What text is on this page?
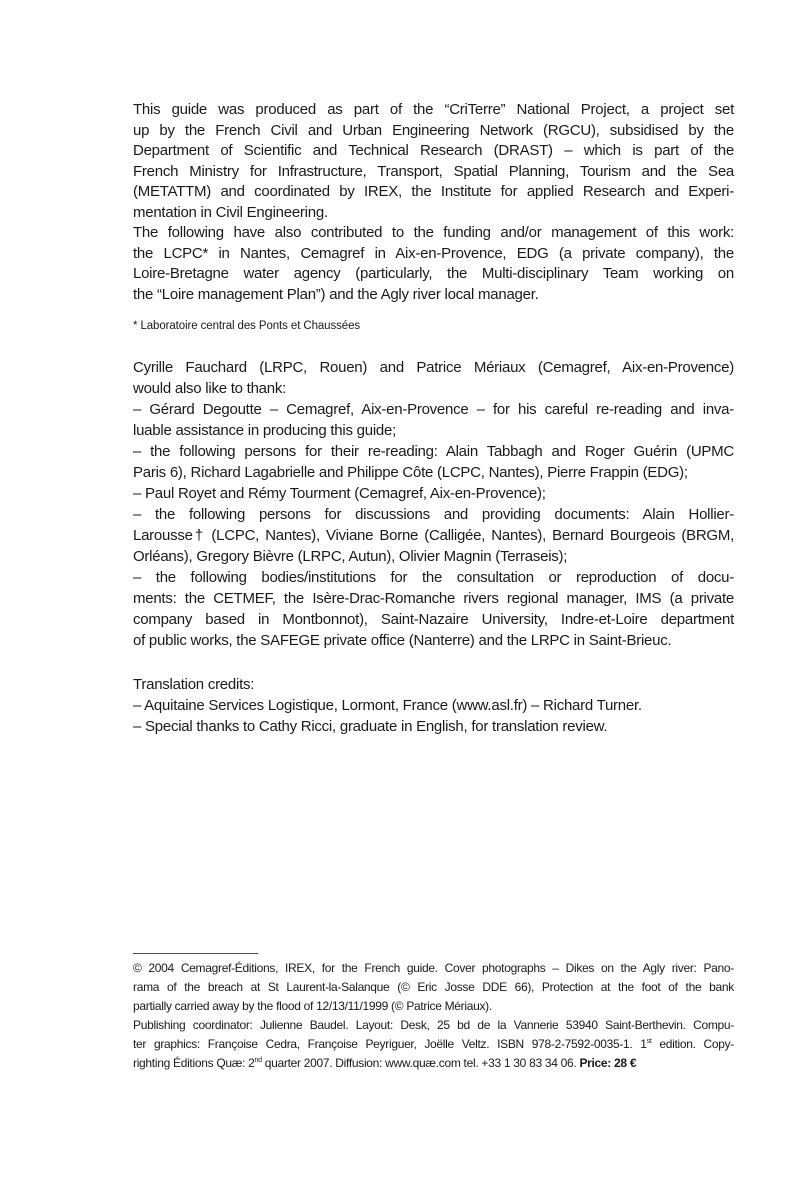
This guide was produced as part of the “CriTerre” National Project, a project set
up by the French Civil and Urban Engineering Network (RGCU), subsidised by the
Department of Scientific and Technical Research (DRAST) – which is part of the
French Ministry for Infrastructure, Transport, Spatial Planning, Tourism and the Sea
(METATTM) and coordinated by IREX, the Institute for applied Research and Experi-
mentation in Civil Engineering.
The following have also contributed to the funding and/or management of this work:
the LCPC* in Nantes, Cemagref in Aix-en-Provence, EDG (a private company), the
Loire-Bretagne water agency (particularly, the Multi-disciplinary Team working on
the “Loire management Plan”) and the Agly river local manager.
* Laboratoire central des Ponts et Chaussées
Cyrille Fauchard (LRPC, Rouen) and Patrice Mériaux (Cemagref, Aix-en-Provence)
would also like to thank:
– Gérard Degoutte – Cemagref, Aix-en-Provence – for his careful re-reading and inva-
luable assistance in producing this guide;
– the following persons for their re-reading: Alain Tabbagh and Roger Guérin (UPMC
Paris 6), Richard Lagabrielle and Philippe Côte (LCPC, Nantes), Pierre Frappin (EDG);
– Paul Royet and Rémy Tourment (Cemagref, Aix-en-Provence);
– the following persons for discussions and providing documents: Alain Hollier-
Larousse† (LCPC, Nantes), Viviane Borne (Calligée, Nantes), Bernard Bourgeois (BRGM,
Orléans), Gregory Bièvre (LRPC, Autun), Olivier Magnin (Terraseis);
– the following bodies/institutions for the consultation or reproduction of docu-
ments: the CETMEF, the Isère-Drac-Romanche rivers regional manager, IMS (a private
company based in Montbonnot), Saint-Nazaire University, Indre-et-Loire department
of public works, the SAFEGE private office (Nanterre) and the LRPC in Saint-Brieuc.
Translation credits:
– Aquitaine Services Logistique, Lormont, France (www.asl.fr) – Richard Turner.
– Special thanks to Cathy Ricci, graduate in English, for translation review.
© 2004 Cemagref-Éditions, IREX, for the French guide. Cover photographs – Dikes on the Agly river: Pano-
rama of the breach at St Laurent-la-Salanque (© Eric Josse DDE 66), Protection at the foot of the bank
partially carried away by the flood of 12/13/11/1999 (© Patrice Mériaux).
Publishing coordinator: Julienne Baudel. Layout: Desk, 25 bd de la Vannerie 53940 Saint-Berthevin. Compu-
ter graphics: Françoise Cedra, Françoise Peyriguer, Joëlle Veltz. ISBN 978-2-7592-0035-1. 1st edition. Copy-
righting Éditions Quæ: 2nd quarter 2007. Diffusion: www.quæ.com tel. +33 1 30 83 34 06. Price: 28 €
